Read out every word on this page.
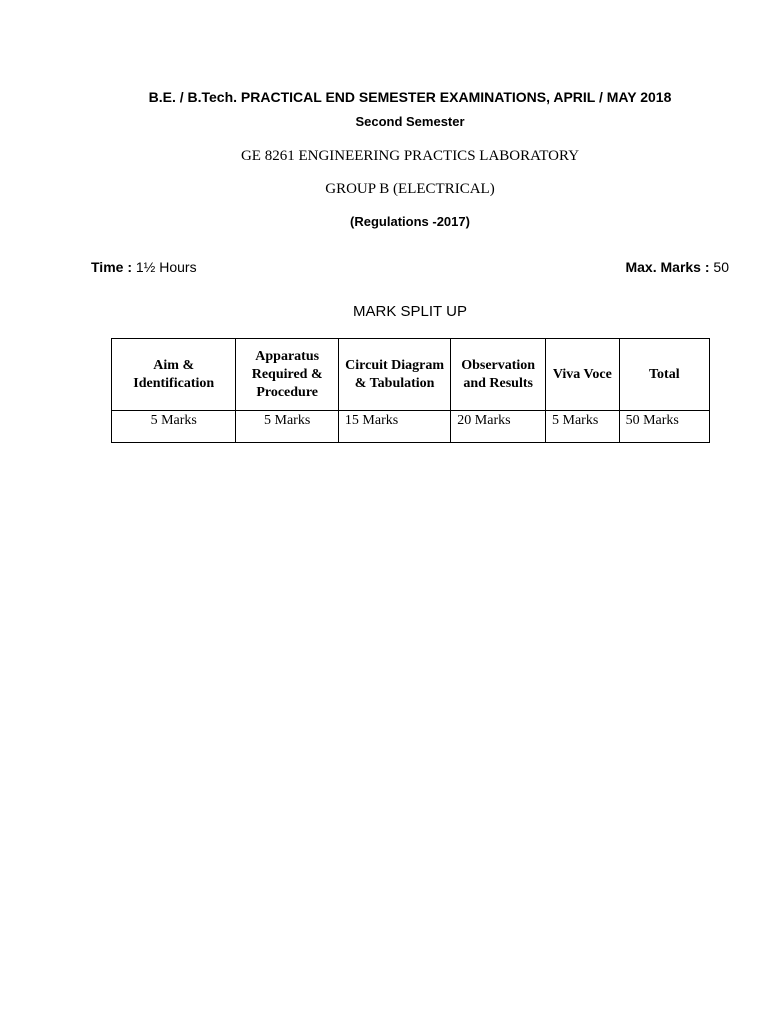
B.E. / B.Tech. PRACTICAL END SEMESTER EXAMINATIONS, APRIL / MAY 2018
Second Semester
GE 8261 ENGINEERING PRACTICS LABORATORY
GROUP B (ELECTRICAL)
(Regulations -2017)
Time : 1½ Hours	Max. Marks : 50
MARK SPLIT UP
Aim & Identification	Apparatus Required & Procedure	Circuit Diagram & Tabulation	Observation and Results	Viva Voce	Total
5 Marks	5 Marks	15 Marks	20 Marks	5 Marks	50 Marks
